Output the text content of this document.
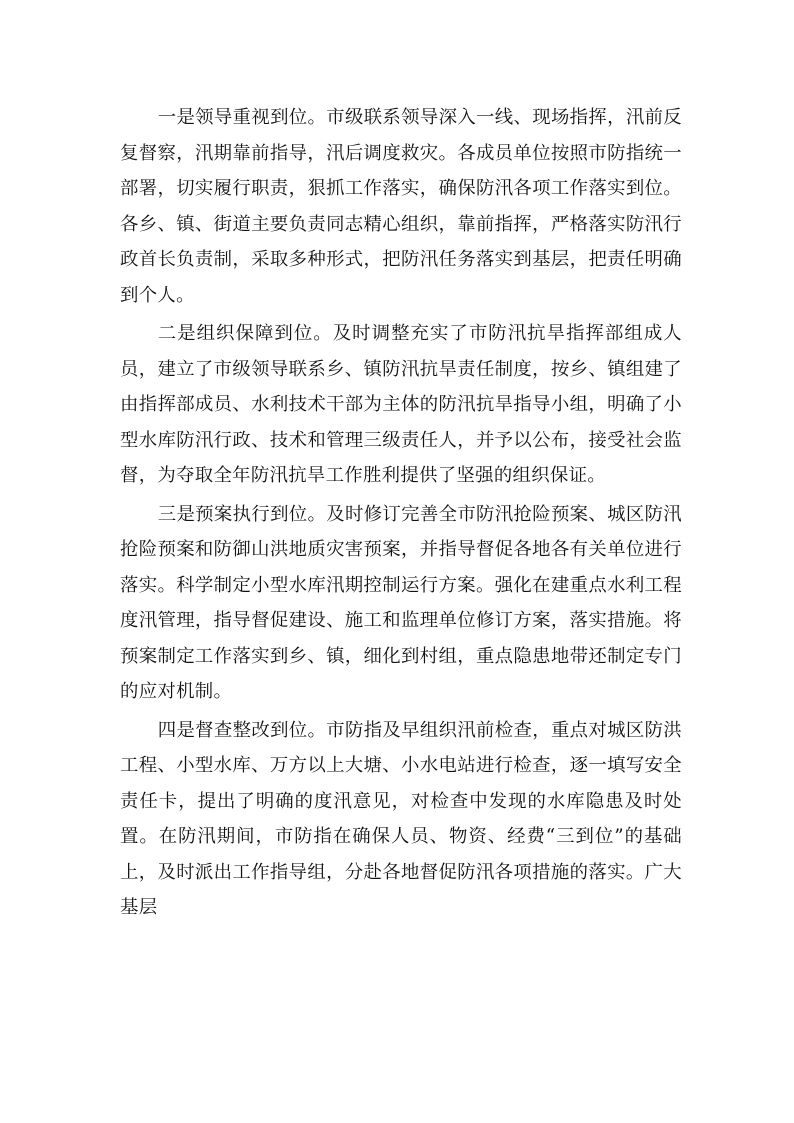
一是领导重视到位。市级联系领导深入一线、现场指挥，汛前反复督察，汛期靠前指导，汛后调度救灾。各成员单位按照市防指统一部署，切实履行职责，狠抓工作落实，确保防汛各项工作落实到位。各乡、镇、街道主要负责同志精心组织，靠前指挥，严格落实防汛行政首长负责制，采取多种形式，把防汛任务落实到基层，把责任明确到个人。

二是组织保障到位。及时调整充实了市防汛抗旱指挥部组成人员，建立了市级领导联系乡、镇防汛抗旱责任制度，按乡、镇组建了由指挥部成员、水利技术干部为主体的防汛抗旱指导小组，明确了小型水库防汛行政、技术和管理三级责任人，并予以公布，接受社会监督，为夺取全年防汛抗旱工作胜利提供了坚强的组织保证。

三是预案执行到位。及时修订完善全市防汛抢险预案、城区防汛抢险预案和防御山洪地质灾害预案，并指导督促各地各有关单位进行落实。科学制定小型水库汛期控制运行方案。强化在建重点水利工程度汛管理，指导督促建设、施工和监理单位修订方案，落实措施。将预案制定工作落实到乡、镇，细化到村组，重点隐患地带还制定专门的应对机制。

四是督查整改到位。市防指及早组织汛前检查，重点对城区防洪工程、小型水库、万方以上大塘、小水电站进行检查，逐一填写安全责任卡，提出了明确的度汛意见，对检查中发现的水库隐患及时处置。在防汛期间，市防指在确保人员、物资、经费“三到位”的基础上，及时派出工作指导组，分赴各地督促防汛各项措施的落实。广大基层
